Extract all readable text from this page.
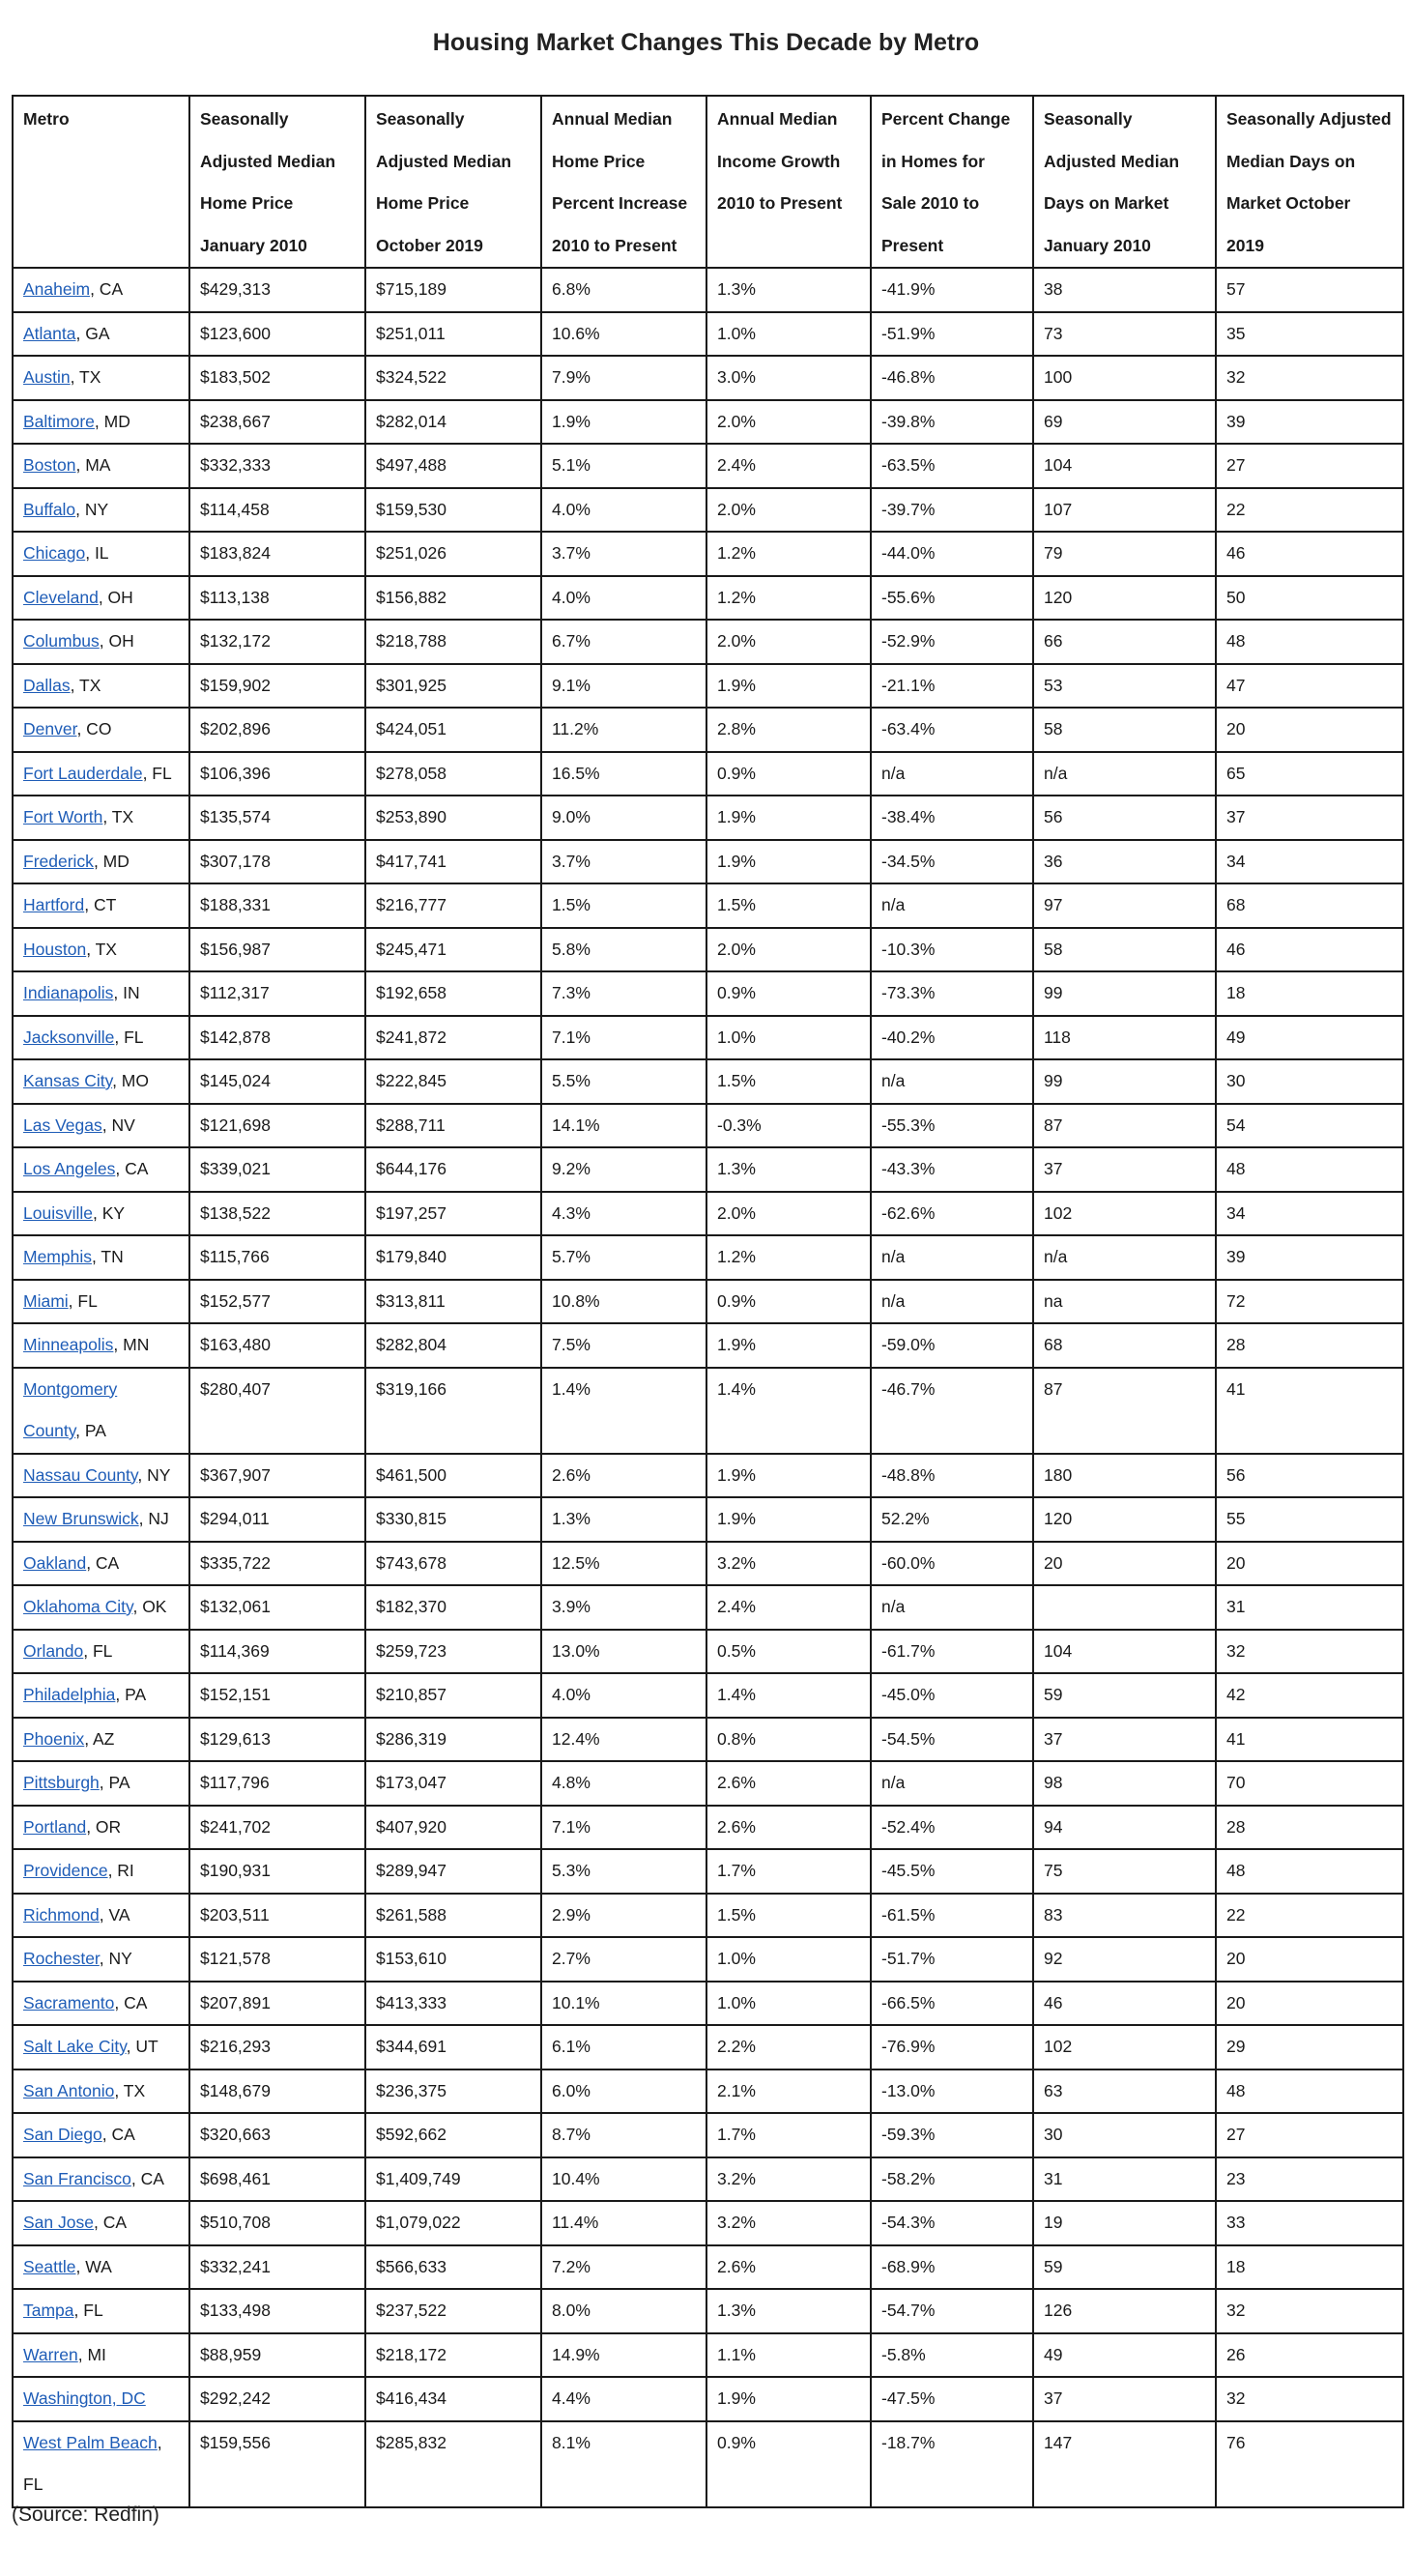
Housing Market Changes This Decade by Metro
Metro	Seasonally Adjusted Median Home Price January 2010	Seasonally Adjusted Median Home Price October 2019	Annual Median Home Price Percent Increase 2010 to Present	Annual Median Income Growth 2010 to Present	Percent Change in Homes for Sale 2010 to Present	Seasonally Adjusted Median Days on Market January 2010	Seasonally Adjusted Median Days on Market October 2019
Anaheim, CA	$429,313	$715,189	6.8%	1.3%	-41.9%	38	57
Atlanta, GA	$123,600	$251,011	10.6%	1.0%	-51.9%	73	35
Austin, TX	$183,502	$324,522	7.9%	3.0%	-46.8%	100	32
Baltimore, MD	$238,667	$282,014	1.9%	2.0%	-39.8%	69	39
Boston, MA	$332,333	$497,488	5.1%	2.4%	-63.5%	104	27
Buffalo, NY	$114,458	$159,530	4.0%	2.0%	-39.7%	107	22
Chicago, IL	$183,824	$251,026	3.7%	1.2%	-44.0%	79	46
Cleveland, OH	$113,138	$156,882	4.0%	1.2%	-55.6%	120	50
Columbus, OH	$132,172	$218,788	6.7%	2.0%	-52.9%	66	48
Dallas, TX	$159,902	$301,925	9.1%	1.9%	-21.1%	53	47
Denver, CO	$202,896	$424,051	11.2%	2.8%	-63.4%	58	20
Fort Lauderdale, FL	$106,396	$278,058	16.5%	0.9%	n/a	n/a	65
Fort Worth, TX	$135,574	$253,890	9.0%	1.9%	-38.4%	56	37
Frederick, MD	$307,178	$417,741	3.7%	1.9%	-34.5%	36	34
Hartford, CT	$188,331	$216,777	1.5%	1.5%	n/a	97	68
Houston, TX	$156,987	$245,471	5.8%	2.0%	-10.3%	58	46
Indianapolis, IN	$112,317	$192,658	7.3%	0.9%	-73.3%	99	18
Jacksonville, FL	$142,878	$241,872	7.1%	1.0%	-40.2%	118	49
Kansas City, MO	$145,024	$222,845	5.5%	1.5%	n/a	99	30
Las Vegas, NV	$121,698	$288,711	14.1%	-0.3%	-55.3%	87	54
Los Angeles, CA	$339,021	$644,176	9.2%	1.3%	-43.3%	37	48
Louisville, KY	$138,522	$197,257	4.3%	2.0%	-62.6%	102	34
Memphis, TN	$115,766	$179,840	5.7%	1.2%	n/a	n/a	39
Miami, FL	$152,577	$313,811	10.8%	0.9%	n/a	na	72
Minneapolis, MN	$163,480	$282,804	7.5%	1.9%	-59.0%	68	28
Montgomery County, PA	$280,407	$319,166	1.4%	1.4%	-46.7%	87	41
Nassau County, NY	$367,907	$461,500	2.6%	1.9%	-48.8%	180	56
New Brunswick, NJ	$294,011	$330,815	1.3%	1.9%	52.2%	120	55
Oakland, CA	$335,722	$743,678	12.5%	3.2%	-60.0%	20	20
Oklahoma City, OK	$132,061	$182,370	3.9%	2.4%	n/a		31
Orlando, FL	$114,369	$259,723	13.0%	0.5%	-61.7%	104	32
Philadelphia, PA	$152,151	$210,857	4.0%	1.4%	-45.0%	59	42
Phoenix, AZ	$129,613	$286,319	12.4%	0.8%	-54.5%	37	41
Pittsburgh, PA	$117,796	$173,047	4.8%	2.6%	n/a	98	70
Portland, OR	$241,702	$407,920	7.1%	2.6%	-52.4%	94	28
Providence, RI	$190,931	$289,947	5.3%	1.7%	-45.5%	75	48
Richmond, VA	$203,511	$261,588	2.9%	1.5%	-61.5%	83	22
Rochester, NY	$121,578	$153,610	2.7%	1.0%	-51.7%	92	20
Sacramento, CA	$207,891	$413,333	10.1%	1.0%	-66.5%	46	20
Salt Lake City, UT	$216,293	$344,691	6.1%	2.2%	-76.9%	102	29
San Antonio, TX	$148,679	$236,375	6.0%	2.1%	-13.0%	63	48
San Diego, CA	$320,663	$592,662	8.7%	1.7%	-59.3%	30	27
San Francisco, CA	$698,461	$1,409,749	10.4%	3.2%	-58.2%	31	23
San Jose, CA	$510,708	$1,079,022	11.4%	3.2%	-54.3%	19	33
Seattle, WA	$332,241	$566,633	7.2%	2.6%	-68.9%	59	18
Tampa, FL	$133,498	$237,522	8.0%	1.3%	-54.7%	126	32
Warren, MI	$88,959	$218,172	14.9%	1.1%	-5.8%	49	26
Washington, DC	$292,242	$416,434	4.4%	1.9%	-47.5%	37	32
West Palm Beach, FL	$159,556	$285,832	8.1%	0.9%	-18.7%	147	76
(Source: Redfin)
